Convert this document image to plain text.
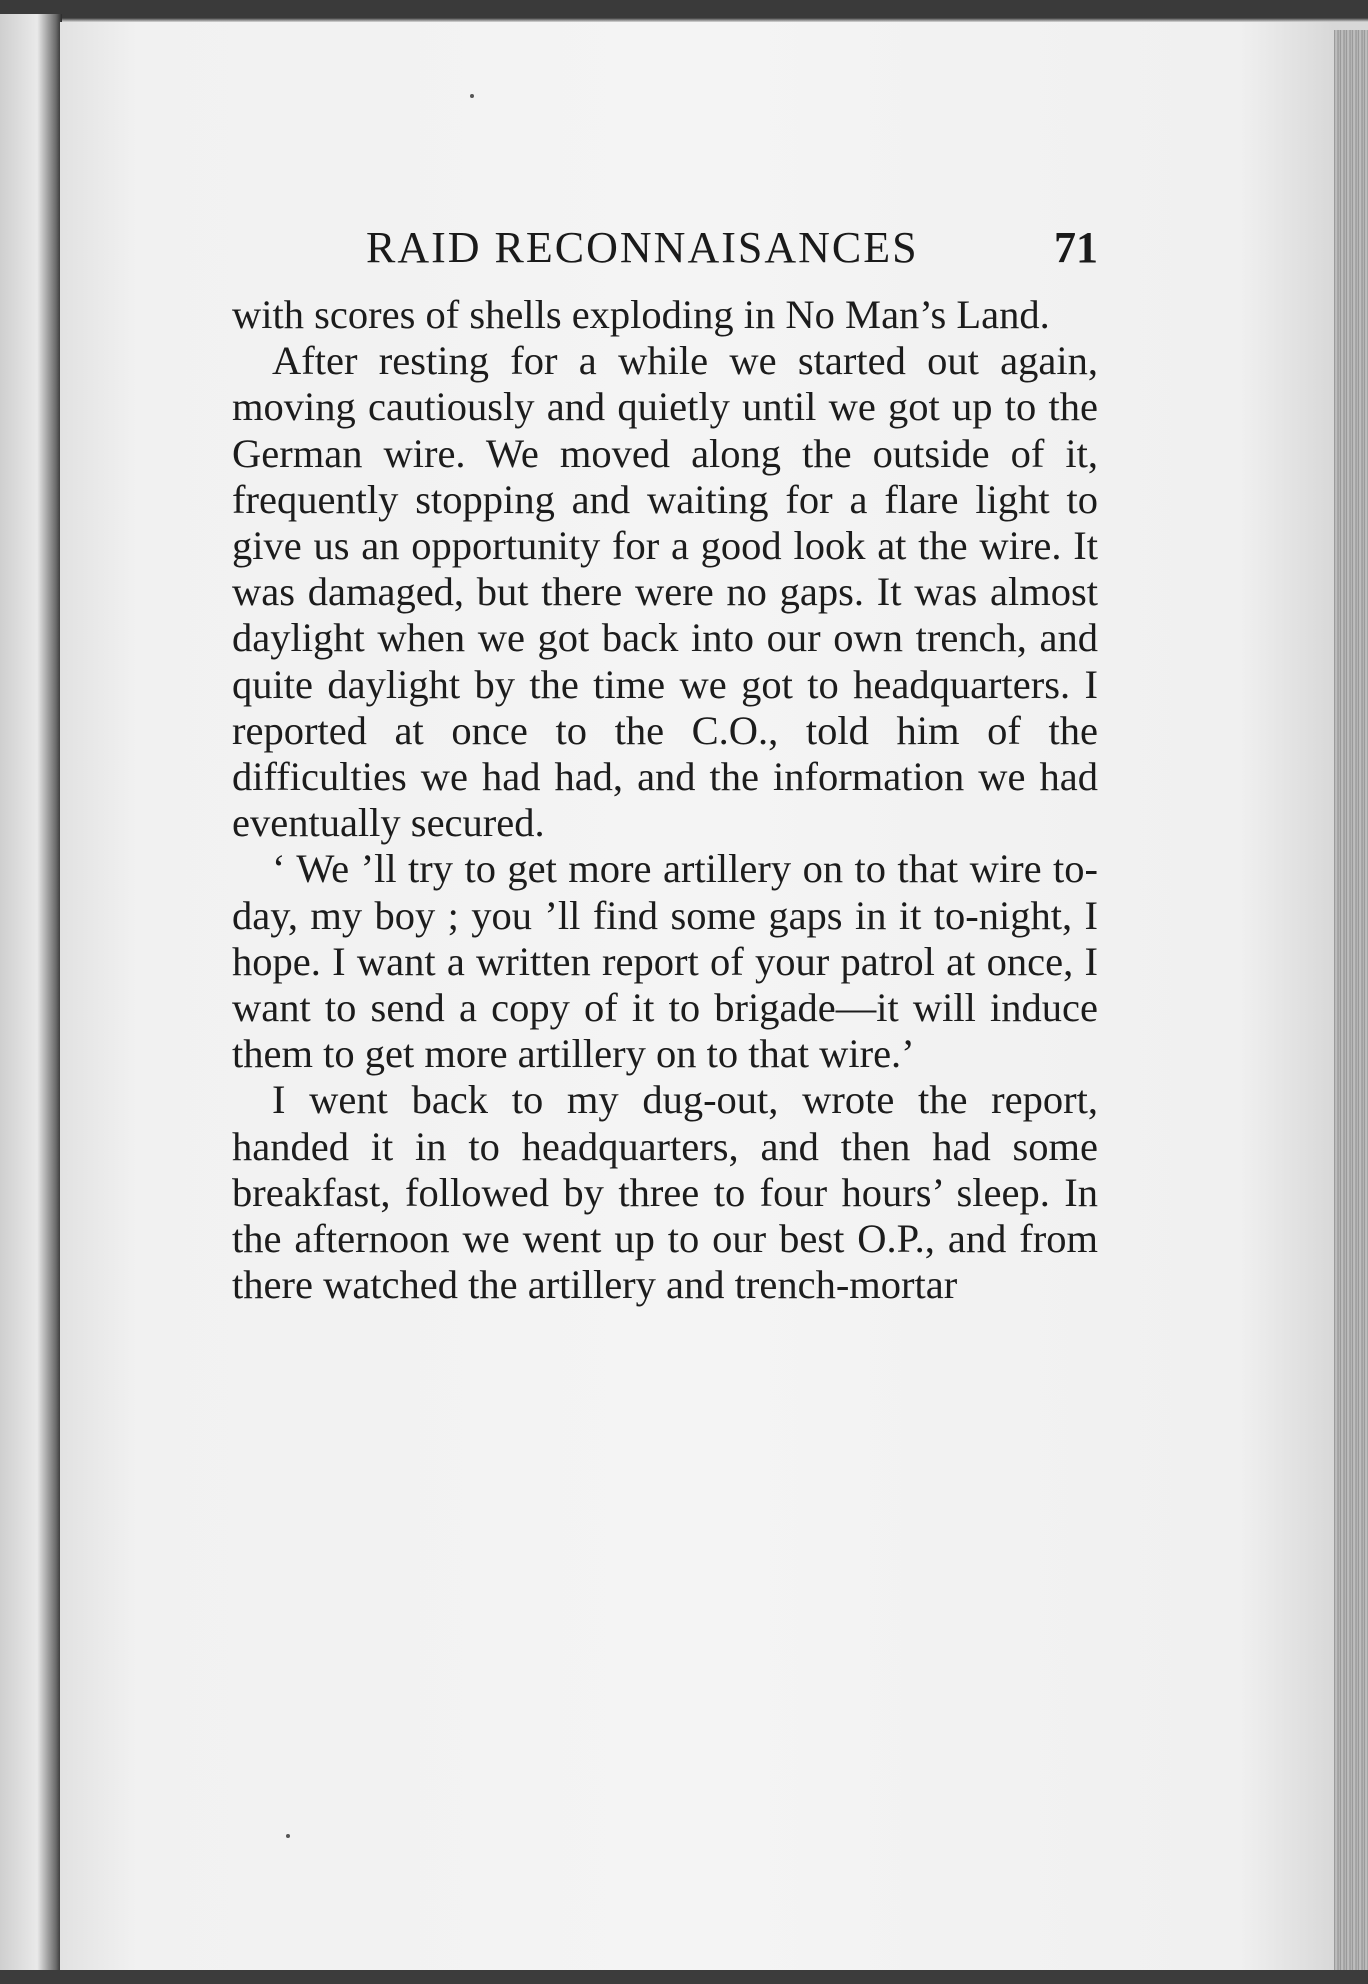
RAID RECONNAISANCES	71

with scores of shells exploding in No Man’s Land.

After resting for a while we started out again, moving cautiously and quietly until we got up to the German wire. We moved along the outside of it, frequently stopping and waiting for a flare light to give us an opportunity for a good look at the wire. It was damaged, but there were no gaps. It was almost daylight when we got back into our own trench, and quite daylight by the time we got to headquarters. I reported at once to the C.O., told him of the difficulties we had had, and the information we had eventually secured.

‘ We ’ll try to get more artillery on to that wire to-day, my boy ; you ’ll find some gaps in it to-night, I hope. I want a written report of your patrol at once, I want to send a copy of it to brigade—it will induce them to get more artillery on to that wire.’

I went back to my dug-out, wrote the report, handed it in to headquarters, and then had some breakfast, followed by three to four hours’ sleep. In the afternoon we went up to our best O.P., and from there watched the artillery and trench-mortar
